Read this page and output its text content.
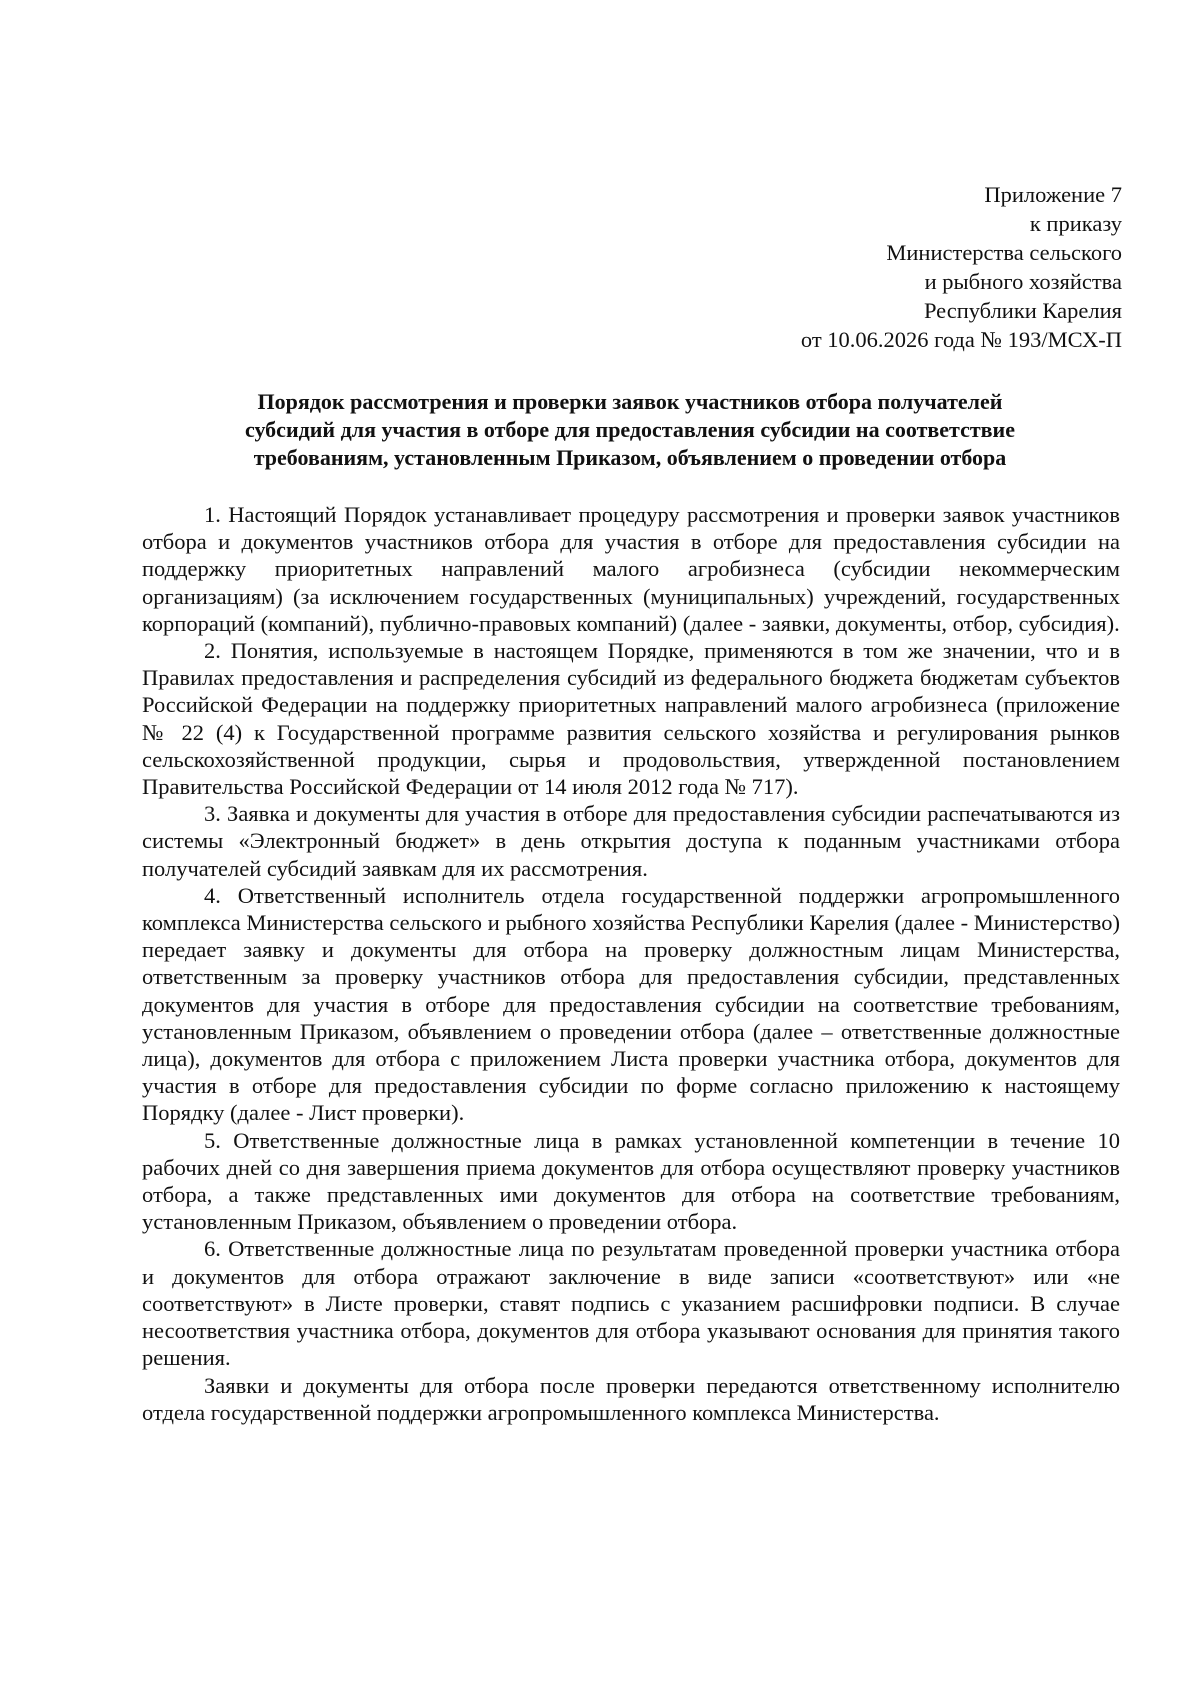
Приложение 7
к приказу
Министерства сельского
и рыбного хозяйства
Республики Карелия
от 10.06.2026 года № 193/МСХ-П
Порядок рассмотрения и проверки заявок участников отбора получателей
субсидий для участия в отборе для предоставления субсидии на соответствие
требованиям, установленным Приказом, объявлением о проведении отбора

1. Настоящий Порядок устанавливает процедуру рассмотрения и проверки заявок участников отбора и документов участников отбора для участия в отборе для предоставления субсидии на поддержку приоритетных направлений малого агробизнеса (субсидии некоммерческим организациям) (за исключением государственных (муниципальных) учреждений, государственных корпораций (компаний), публично-правовых компаний) (далее - заявки, документы, отбор, субсидия).

2. Понятия, используемые в настоящем Порядке, применяются в том же значении, что и в Правилах предоставления и распределения субсидий из федерального бюджета бюджетам субъектов Российской Федерации на поддержку приоритетных направлений малого агробизнеса (приложение № 22 (4) к Государственной программе развития сельского хозяйства и регулирования рынков сельскохозяйственной продукции, сырья и продовольствия, утвержденной постановлением Правительства Российской Федерации от 14 июля 2012 года № 717).

3. Заявка и документы для участия в отборе для предоставления субсидии распечатываются из системы «Электронный бюджет» в день открытия доступа к поданным участниками отбора получателей субсидий заявкам для их рассмотрения.

4. Ответственный исполнитель отдела государственной поддержки агропромышленного комплекса Министерства сельского и рыбного хозяйства Республики Карелия (далее - Министерство) передает заявку и документы для отбора на проверку должностным лицам Министерства, ответственным за проверку участников отбора для предоставления субсидии, представленных документов для участия в отборе для предоставления субсидии на соответствие требованиям, установленным Приказом, объявлением о проведении отбора (далее – ответственные должностные лица), документов для отбора с приложением Листа проверки участника отбора, документов для участия в отборе для предоставления субсидии по форме согласно приложению к настоящему Порядку (далее - Лист проверки).

5. Ответственные должностные лица в рамках установленной компетенции в течение 10 рабочих дней со дня завершения приема документов для отбора осуществляют проверку участников отбора, а также представленных ими документов для отбора на соответствие требованиям, установленным Приказом, объявлением о проведении отбора.

6. Ответственные должностные лица по результатам проведенной проверки участника отбора и документов для отбора отражают заключение в виде записи «соответствуют» или «не соответствуют» в Листе проверки, ставят подпись с указанием расшифровки подписи. В случае несоответствия участника отбора, документов для отбора указывают основания для принятия такого решения.

Заявки и документы для отбора после проверки передаются ответственному исполнителю отдела государственной поддержки агропромышленного комплекса Министерства.
